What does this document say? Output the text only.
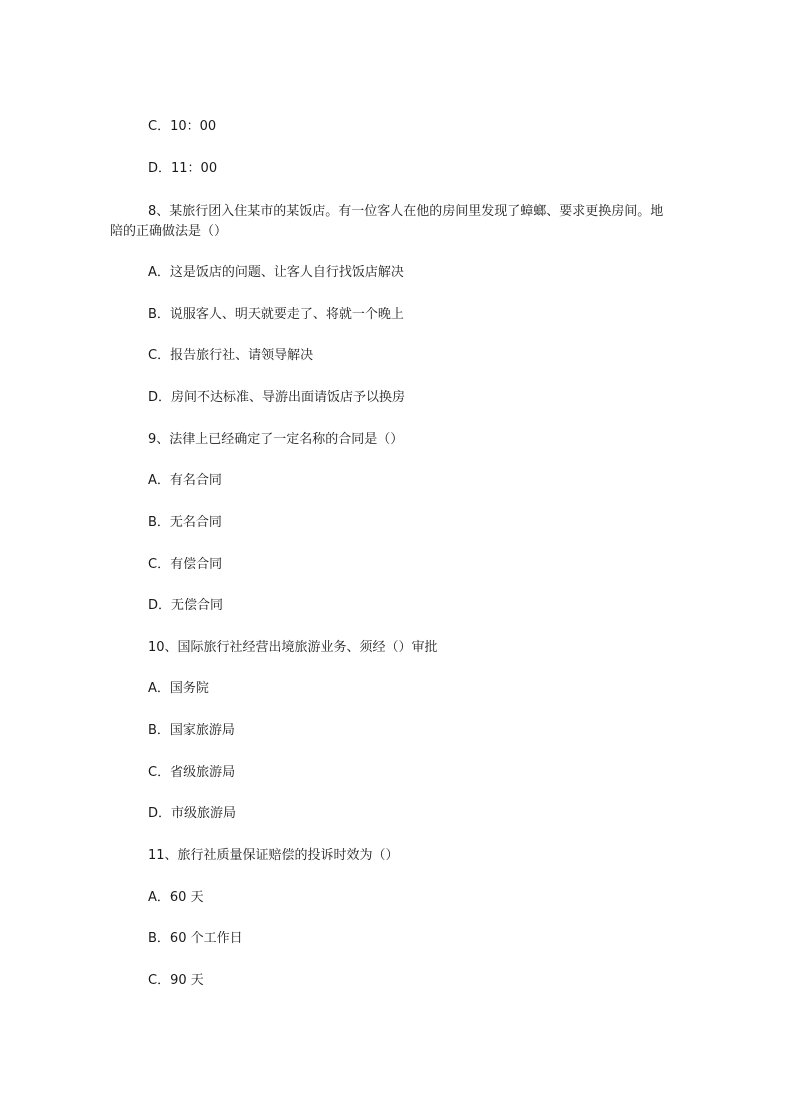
C．10：00
D．11：00
8、某旅行团入住某市的某饭店。有一位客人在他的房间里发现了蟑螂、要求更换房间。地陪的正确做法是（）
A．这是饭店的问题、让客人自行找饭店解决
B．说服客人、明天就要走了、将就一个晚上
C．报告旅行社、请领导解决
D．房间不达标准、导游出面请饭店予以换房
9、法律上已经确定了一定名称的合同是（）
A．有名合同
B．无名合同
C．有偿合同
D．无偿合同
10、国际旅行社经营出境旅游业务、须经（）审批
A．国务院
B．国家旅游局
C．省级旅游局
D．市级旅游局
11、旅行社质量保证赔偿的投诉时效为（）
A．60 天
B．60 个工作日
C．90 天
